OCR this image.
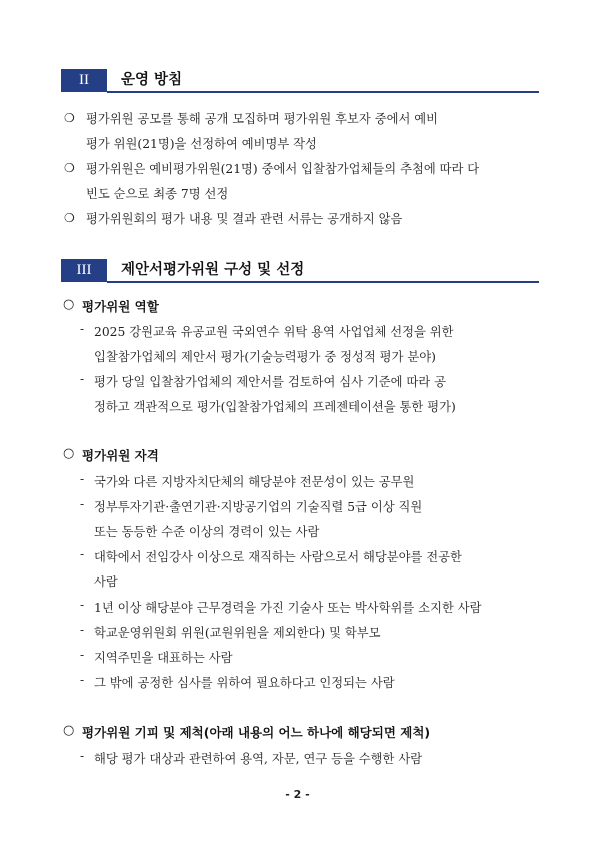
II	운영 방침
❍ 평가위원 공모를 통해 공개 모집하며 평가위원 후보자 중에서 예비
평가 위원(21명)을 선정하여 예비명부 작성
❍ 평가위원은 예비평가위원(21명) 중에서 입찰참가업체들의 추첨에 따라 다
빈도 순으로 최종 7명 선정
❍ 평가위원회의 평가 내용 및 결과 관련 서류는 공개하지 않음
III	제안서평가위원 구성 및 선정
○ 평가위원 역할
- 2025 강원교육 유공교원 국외연수 위탁 용역 사업업체 선정을 위한
입찰참가업체의 제안서 평가(기술능력평가 중 정성적 평가 분야)
- 평가 당일 입찰참가업체의 제안서를 검토하여 심사 기준에 따라 공
정하고 객관적으로 평가(입찰참가업체의 프레젠테이션을 통한 평가)
○ 평가위원 자격
- 국가와 다른 지방자치단체의 해당분야 전문성이 있는 공무원
- 정부투자기관·출연기관·지방공기업의 기술직렬 5급 이상 직원
또는 동등한 수준 이상의 경력이 있는 사람
- 대학에서 전임강사 이상으로 재직하는 사람으로서 해당분야를 전공한
사람
- 1년 이상 해당분야 근무경력을 가진 기술사 또는 박사학위를 소지한 사람
- 학교운영위원회 위원(교원위원을 제외한다) 및 학부모
- 지역주민을 대표하는 사람
- 그 밖에 공정한 심사를 위하여 필요하다고 인정되는 사람
○ 평가위원 기피 및 제척(아래 내용의 어느 하나에 해당되면 제척)
- 해당 평가 대상과 관련하여 용역, 자문, 연구 등을 수행한 사람
- 2 -
